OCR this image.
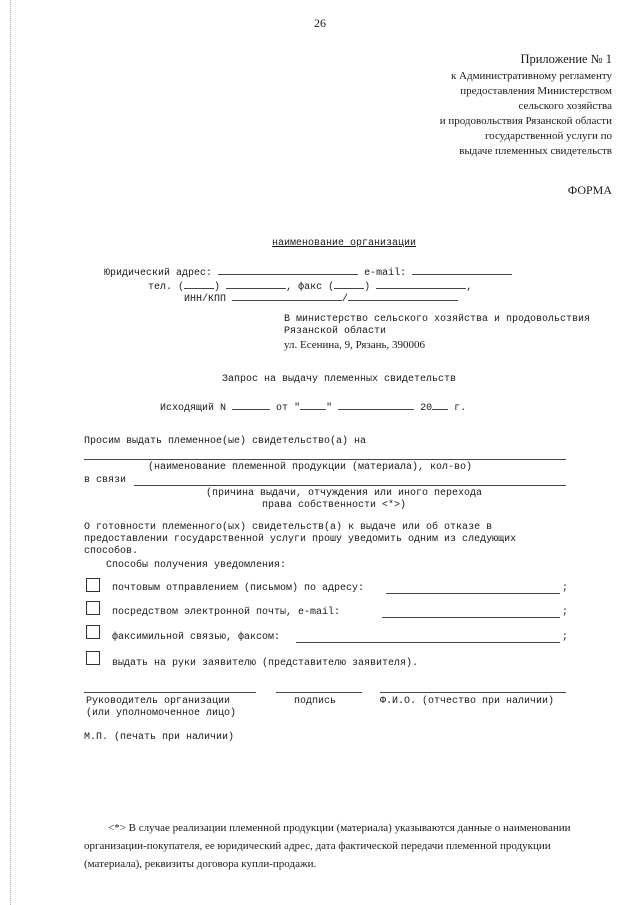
26
Приложение № 1
к Административному регламенту
предоставления Министерством
сельского хозяйства
и продовольствия Рязанской области
государственной услуги по
выдаче племенных свидетельств
ФОРМА
наименование организации
Юридический адрес:	e-mail:
тел. (	)	, факс (	)	,
ИНН/КПП	/
В министерство сельского хозяйства и продовольствия
Рязанской области
ул. Есенина, 9, Рязань, 390006
Запрос на выдачу племенных свидетельств
Исходящий N	от "	"	20 г.
Просим выдать племенное(ые) свидетельство(а) на
(наименование племенной продукции (материала), кол-во)
в связи
(причина выдачи, отчуждения или иного перехода
права собственности <*>)
О готовности племенного(ых) свидетельств(а) к выдаче или об отказе в
предоставлении государственной услуги прошу уведомить одним из следующих
способов.
Способы получения уведомления:
почтовым отправлением (письмом) по адресу:	;
посредством электронной почты, e-mail:	;
факсимильной связью, факсом:	;
выдать на руки заявителю (представителю заявителя).
Руководитель организации	подпись	Ф.И.О. (отчество при наличии)
(или уполномоченное лицо)
М.П. (печать при наличии)
<*> В случае реализации племенной продукции (материала) указываются данные о наименовании
организации-покупателя, ее юридический адрес, дата фактической передачи племенной продукции
(материала), реквизиты договора купли-продажи.
